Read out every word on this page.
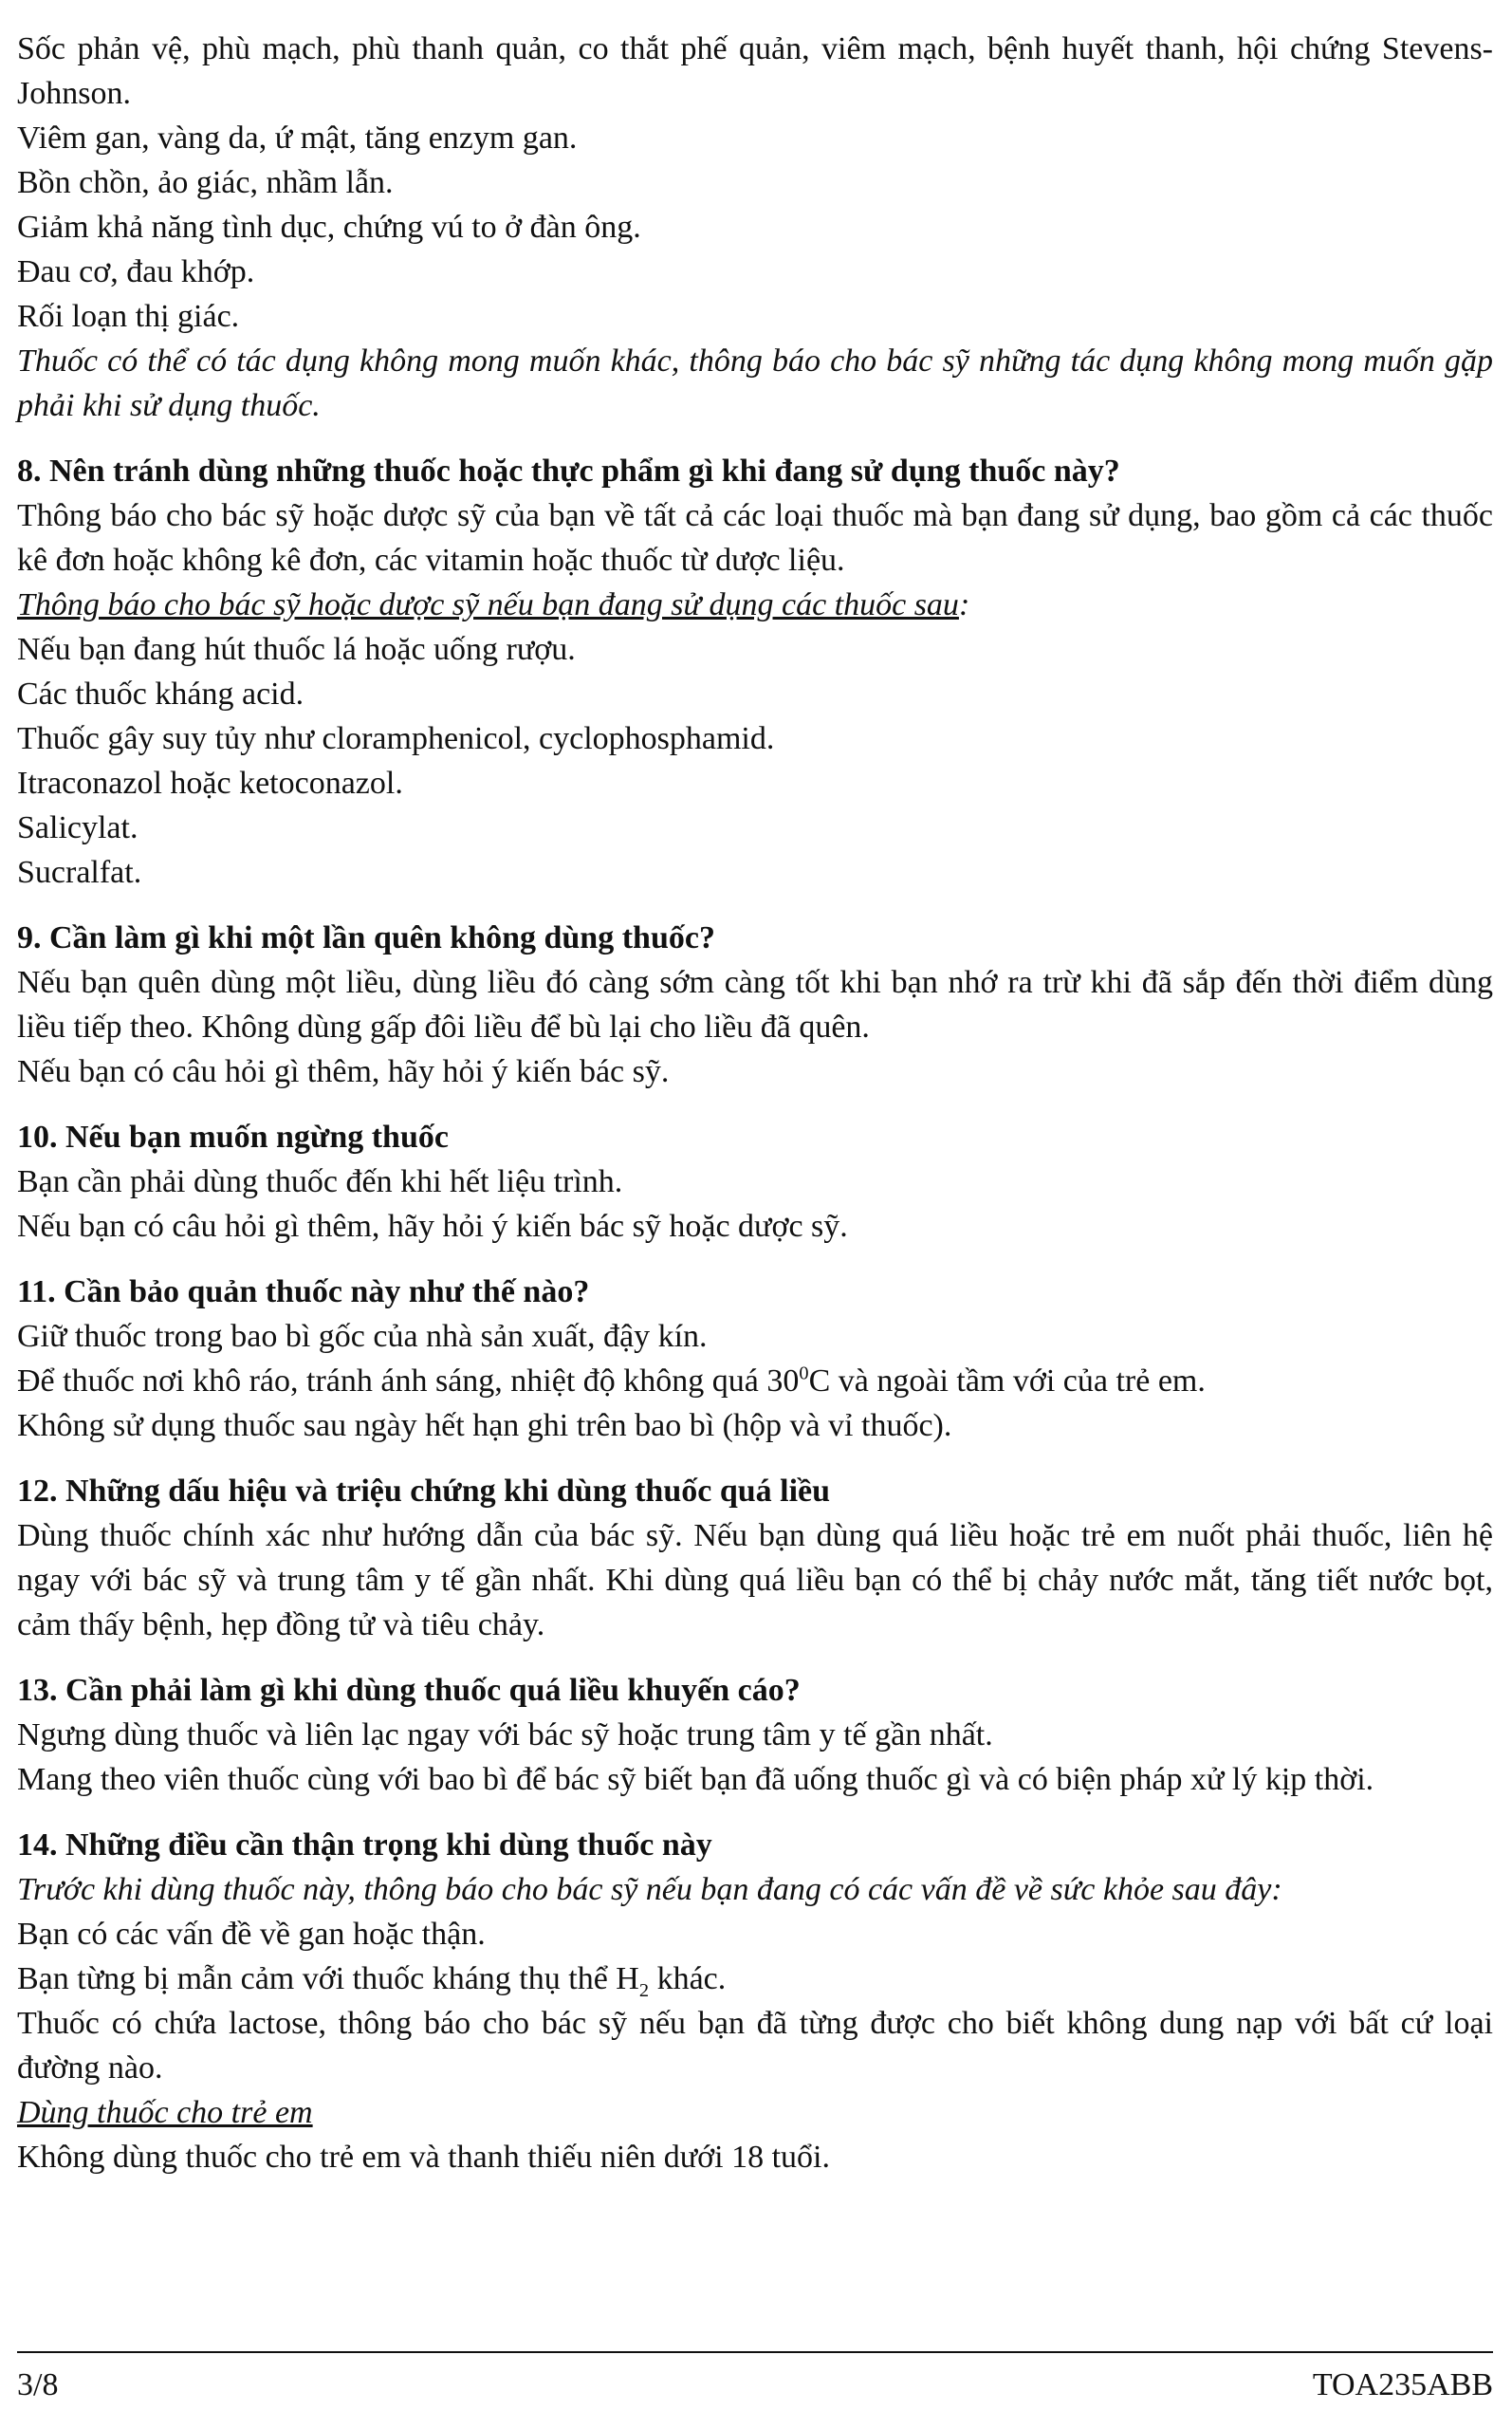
Sốc phản vệ, phù mạch, phù thanh quản, co thắt phế quản, viêm mạch, bệnh huyết thanh, hội chứng Stevens-Johnson.

Viêm gan, vàng da, ứ mật, tăng enzym gan.

Bồn chồn, ảo giác, nhầm lẫn.

Giảm khả năng tình dục, chứng vú to ở đàn ông.

Đau cơ, đau khớp.

Rối loạn thị giác.

Thuốc có thể có tác dụng không mong muốn khác, thông báo cho bác sỹ những tác dụng không mong muốn gặp phải khi sử dụng thuốc.

8. Nên tránh dùng những thuốc hoặc thực phẩm gì khi đang sử dụng thuốc này?

Thông báo cho bác sỹ hoặc dược sỹ của bạn về tất cả các loại thuốc mà bạn đang sử dụng, bao gồm cả các thuốc kê đơn hoặc không kê đơn, các vitamin hoặc thuốc từ dược liệu.

Thông báo cho bác sỹ hoặc dược sỹ nếu bạn đang sử dụng các thuốc sau:

Nếu bạn đang hút thuốc lá hoặc uống rượu.

Các thuốc kháng acid.

Thuốc gây suy tủy như cloramphenicol, cyclophosphamid.

Itraconazol hoặc ketoconazol.

Salicylat.

Sucralfat.

9. Cần làm gì khi một lần quên không dùng thuốc?

Nếu bạn quên dùng một liều, dùng liều đó càng sớm càng tốt khi bạn nhớ ra trừ khi đã sắp đến thời điểm dùng liều tiếp theo. Không dùng gấp đôi liều để bù lại cho liều đã quên.

Nếu bạn có câu hỏi gì thêm, hãy hỏi ý kiến bác sỹ.

10. Nếu bạn muốn ngừng thuốc

Bạn cần phải dùng thuốc đến khi hết liệu trình.

Nếu bạn có câu hỏi gì thêm, hãy hỏi ý kiến bác sỹ hoặc dược sỹ.

11. Cần bảo quản thuốc này như thế nào?

Giữ thuốc trong bao bì gốc của nhà sản xuất, đậy kín.

Để thuốc nơi khô ráo, tránh ánh sáng, nhiệt độ không quá $30^0C$ và ngoài tầm với của trẻ em.

Không sử dụng thuốc sau ngày hết hạn ghi trên bao bì (hộp và vỉ thuốc).

12. Những dấu hiệu và triệu chứng khi dùng thuốc quá liều

Dùng thuốc chính xác như hướng dẫn của bác sỹ. Nếu bạn dùng quá liều hoặc trẻ em nuốt phải thuốc, liên hệ ngay với bác sỹ và trung tâm y tế gần nhất. Khi dùng quá liều bạn có thể bị chảy nước mắt, tăng tiết nước bọt, cảm thấy bệnh, hẹp đồng tử và tiêu chảy.

13. Cần phải làm gì khi dùng thuốc quá liều khuyến cáo?

Ngưng dùng thuốc và liên lạc ngay với bác sỹ hoặc trung tâm y tế gần nhất.

Mang theo viên thuốc cùng với bao bì để bác sỹ biết bạn đã uống thuốc gì và có biện pháp xử lý kịp thời.

14. Những điều cần thận trọng khi dùng thuốc này

Trước khi dùng thuốc này, thông báo cho bác sỹ nếu bạn đang có các vấn đề về sức khỏe sau đây:

Bạn có các vấn đề về gan hoặc thận.

Bạn từng bị mẫn cảm với thuốc kháng thụ thể $H_2$ khác.

Thuốc có chứa lactose, thông báo cho bác sỹ nếu bạn đã từng được cho biết không dung nạp với bất cứ loại đường nào.

Dùng thuốc cho trẻ em

Không dùng thuốc cho trẻ em và thanh thiếu niên dưới 18 tuổi.

3/8	TOA235ABB
